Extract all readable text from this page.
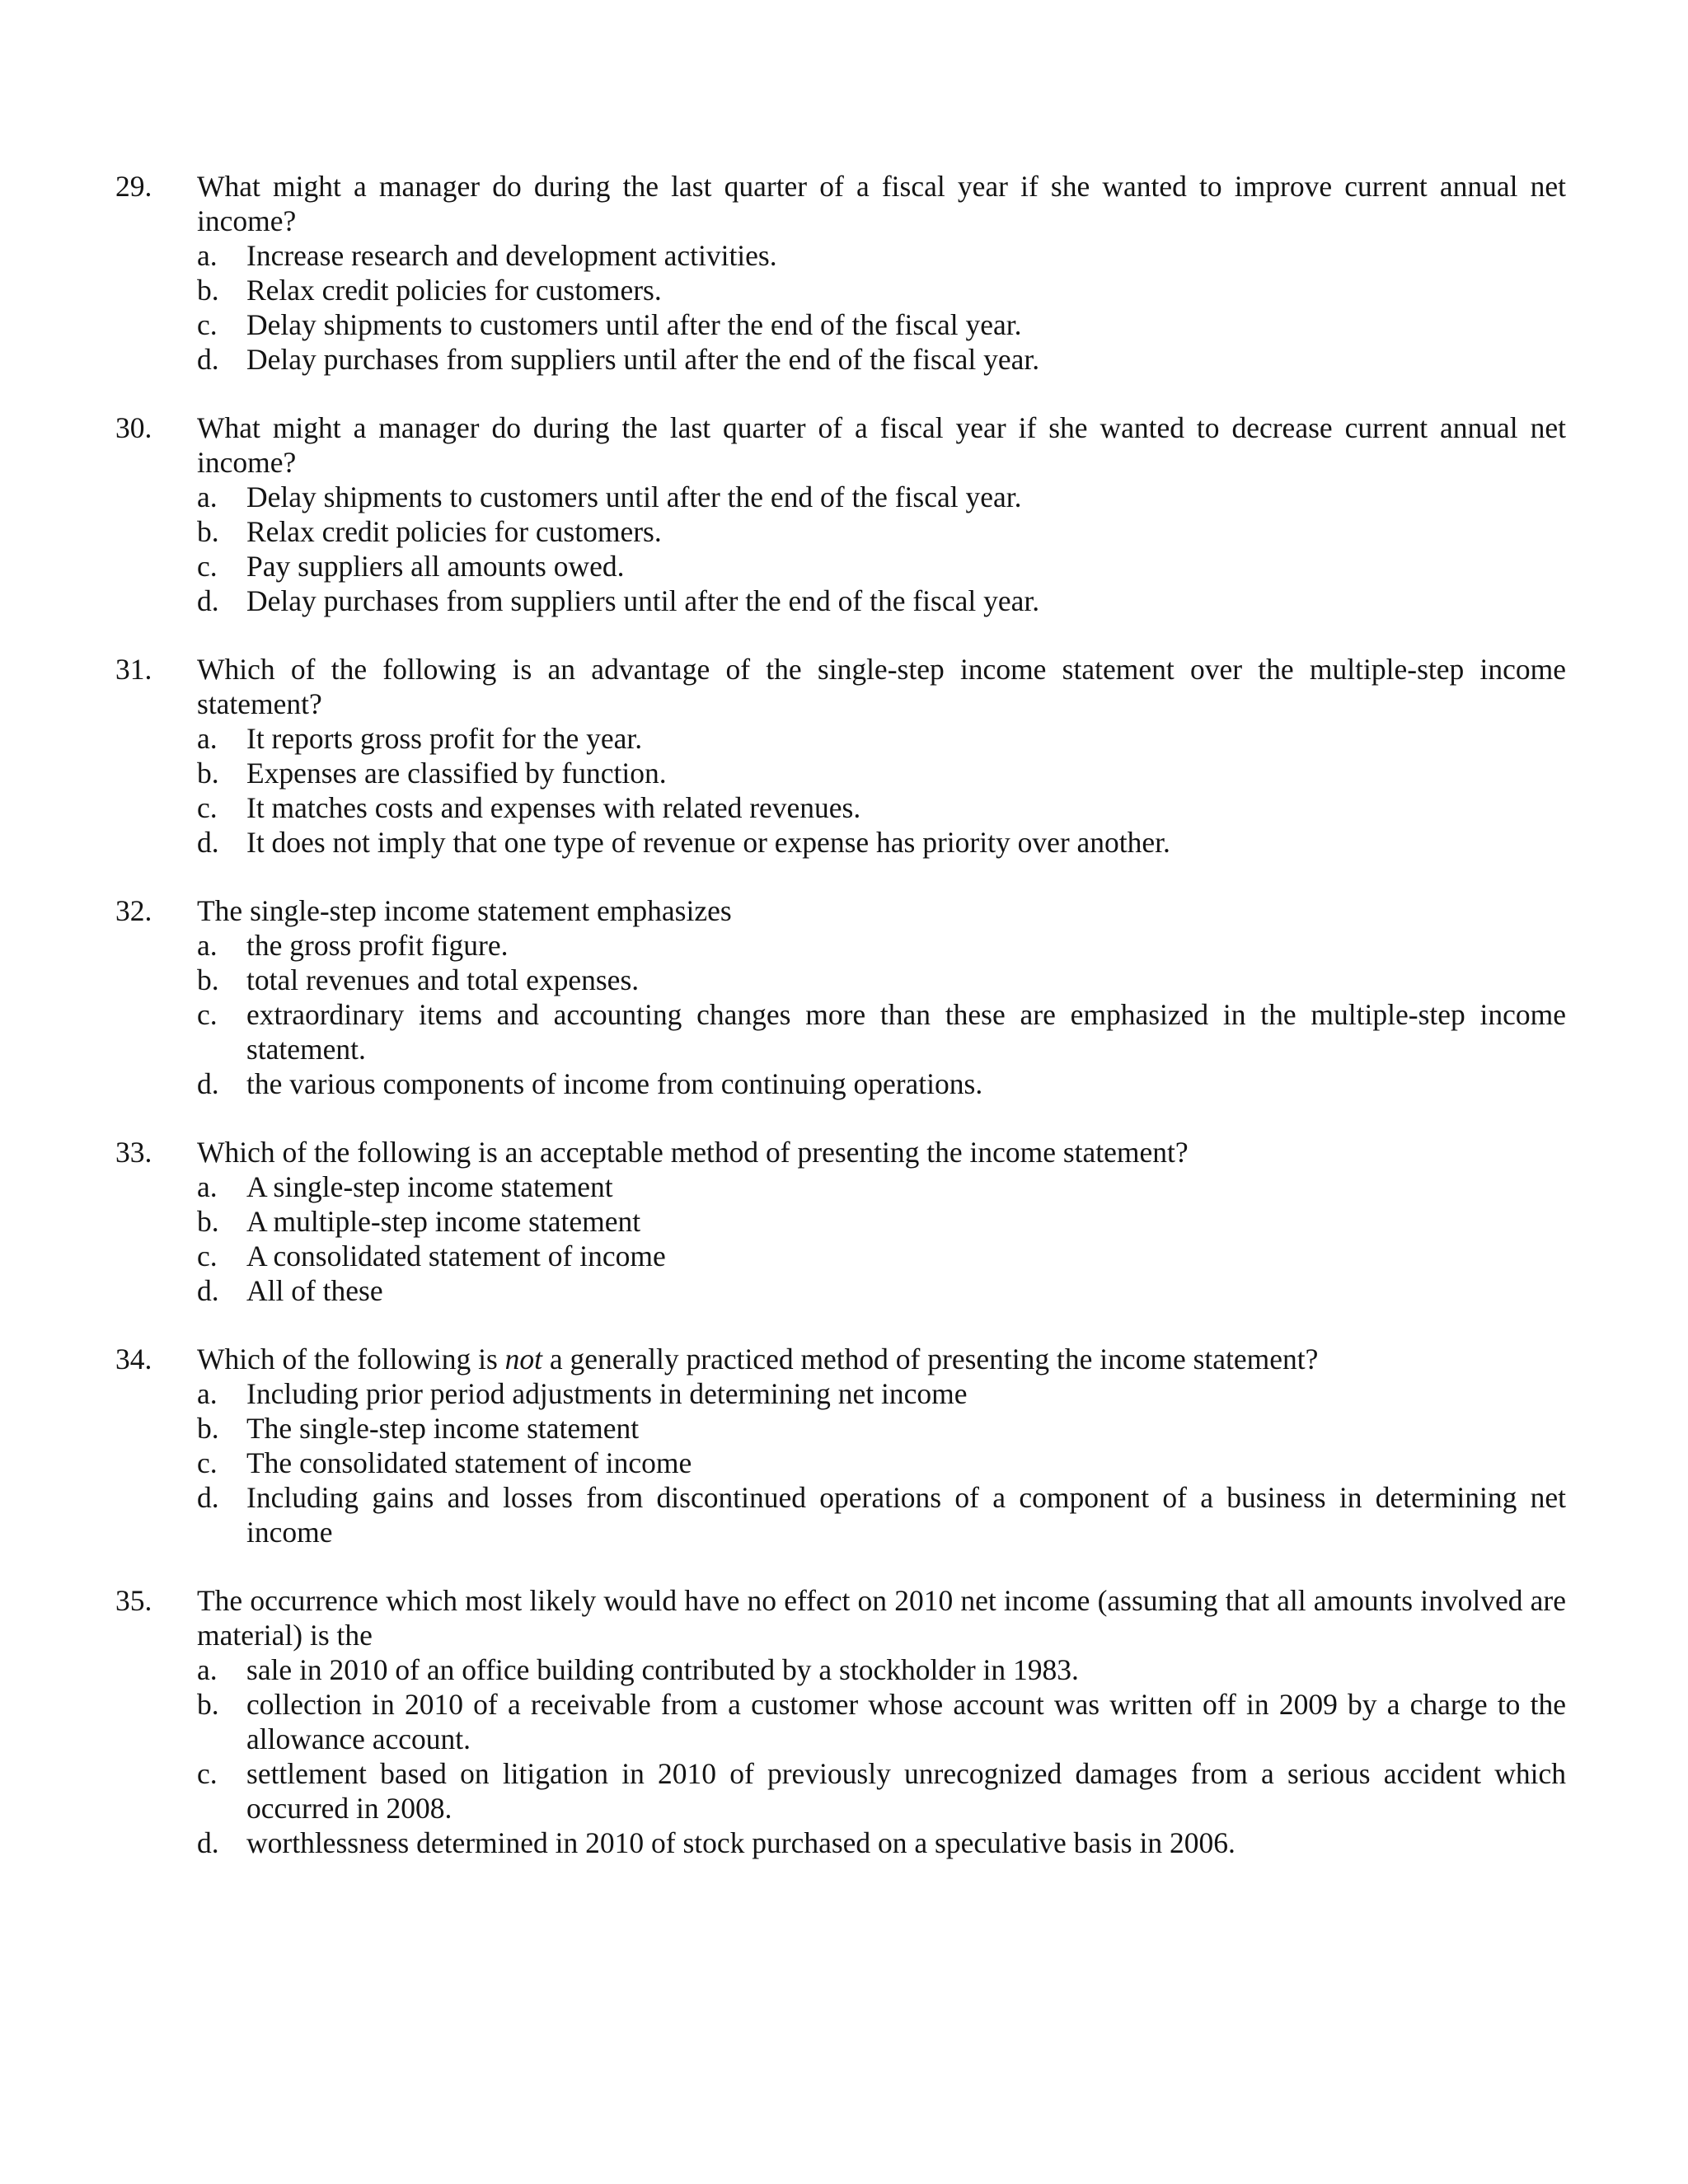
29. What might a manager do during the last quarter of a fiscal year if she wanted to improve current annual net income?
a. Increase research and development activities.
b. Relax credit policies for customers.
c. Delay shipments to customers until after the end of the fiscal year.
d. Delay purchases from suppliers until after the end of the fiscal year.
30. What might a manager do during the last quarter of a fiscal year if she wanted to decrease current annual net income?
a. Delay shipments to customers until after the end of the fiscal year.
b. Relax credit policies for customers.
c. Pay suppliers all amounts owed.
d. Delay purchases from suppliers until after the end of the fiscal year.
31. Which of the following is an advantage of the single-step income statement over the multiple-step income statement?
a. It reports gross profit for the year.
b. Expenses are classified by function.
c. It matches costs and expenses with related revenues.
d. It does not imply that one type of revenue or expense has priority over another.
32. The single-step income statement emphasizes
a. the gross profit figure.
b. total revenues and total expenses.
c. extraordinary items and accounting changes more than these are emphasized in the multiple-step income statement.
d. the various components of income from continuing operations.
33. Which of the following is an acceptable method of presenting the income statement?
a. A single-step income statement
b. A multiple-step income statement
c. A consolidated statement of income
d. All of these
34. Which of the following is not a generally practiced method of presenting the income statement?
a. Including prior period adjustments in determining net income
b. The single-step income statement
c. The consolidated statement of income
d. Including gains and losses from discontinued operations of a component of a business in determining net income
35. The occurrence which most likely would have no effect on 2010 net income (assuming that all amounts involved are material) is the
a. sale in 2010 of an office building contributed by a stockholder in 1983.
b. collection in 2010 of a receivable from a customer whose account was written off in 2009 by a charge to the allowance account.
c. settlement based on litigation in 2010 of previously unrecognized damages from a serious accident which occurred in 2008.
d. worthlessness determined in 2010 of stock purchased on a speculative basis in 2006.
